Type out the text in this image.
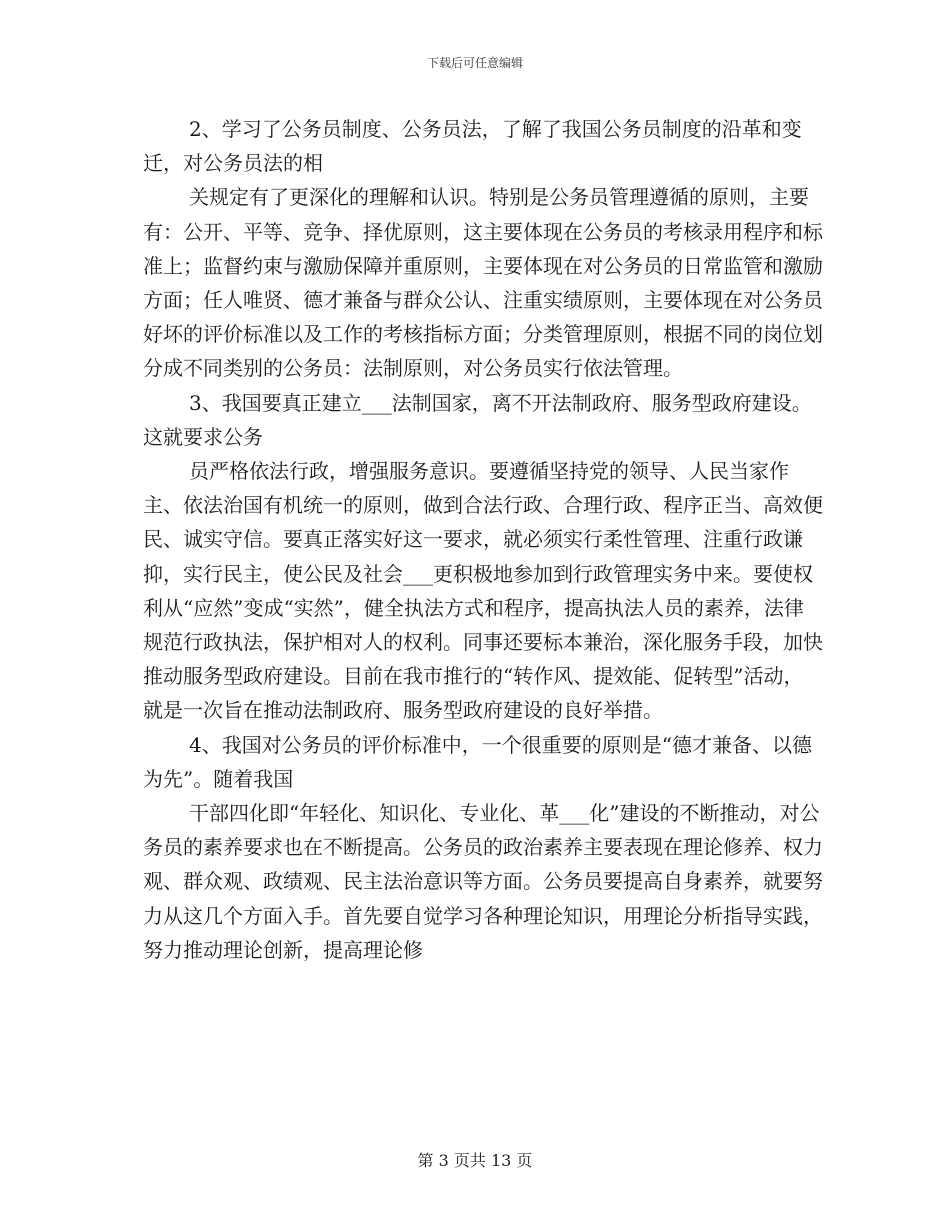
下载后可任意编辑

2、学习了公务员制度、公务员法，了解了我国公务员制度的沿革和变迁，对公务员法的相

关规定有了更深化的理解和认识。特别是公务员管理遵循的原则，主要有：公开、平等、竞争、择优原则，这主要体现在公务员的考核录用程序和标准上；监督约束与激励保障并重原则，主要体现在对公务员的日常监管和激励方面；任人唯贤、德才兼备与群众公认、注重实绩原则，主要体现在对公务员好坏的评价标准以及工作的考核指标方面；分类管理原则，根据不同的岗位划分成不同类别的公务员：法制原则，对公务员实行依法管理。

3、我国要真正建立___法制国家，离不开法制政府、服务型政府建设。这就要求公务

员严格依法行政，增强服务意识。要遵循坚持党的领导、人民当家作主、依法治国有机统一的原则，做到合法行政、合理行政、程序正当、高效便民、诚实守信。要真正落实好这一要求，就必须实行柔性管理、注重行政谦抑，实行民主，使公民及社会___更积极地参加到行政管理实务中来。要使权利从“应然”变成“实然”，健全执法方式和程序，提高执法人员的素养，法律规范行政执法，保护相对人的权利。同事还要标本兼治，深化服务手段，加快推动服务型政府建设。目前在我市推行的“转作风、提效能、促转型”活动，就是一次旨在推动法制政府、服务型政府建设的良好举措。

4、我国对公务员的评价标准中，一个很重要的原则是“德才兼备、以德为先”。随着我国

干部四化即“年轻化、知识化、专业化、革___化”建设的不断推动，对公务员的素养要求也在不断提高。公务员的政治素养主要表现在理论修养、权力观、群众观、政绩观、民主法治意识等方面。公务员要提高自身素养，就要努力从这几个方面入手。首先要自觉学习各种理论知识，用理论分析指导实践，努力推动理论创新，提高理论修

第 3 页共 13 页
